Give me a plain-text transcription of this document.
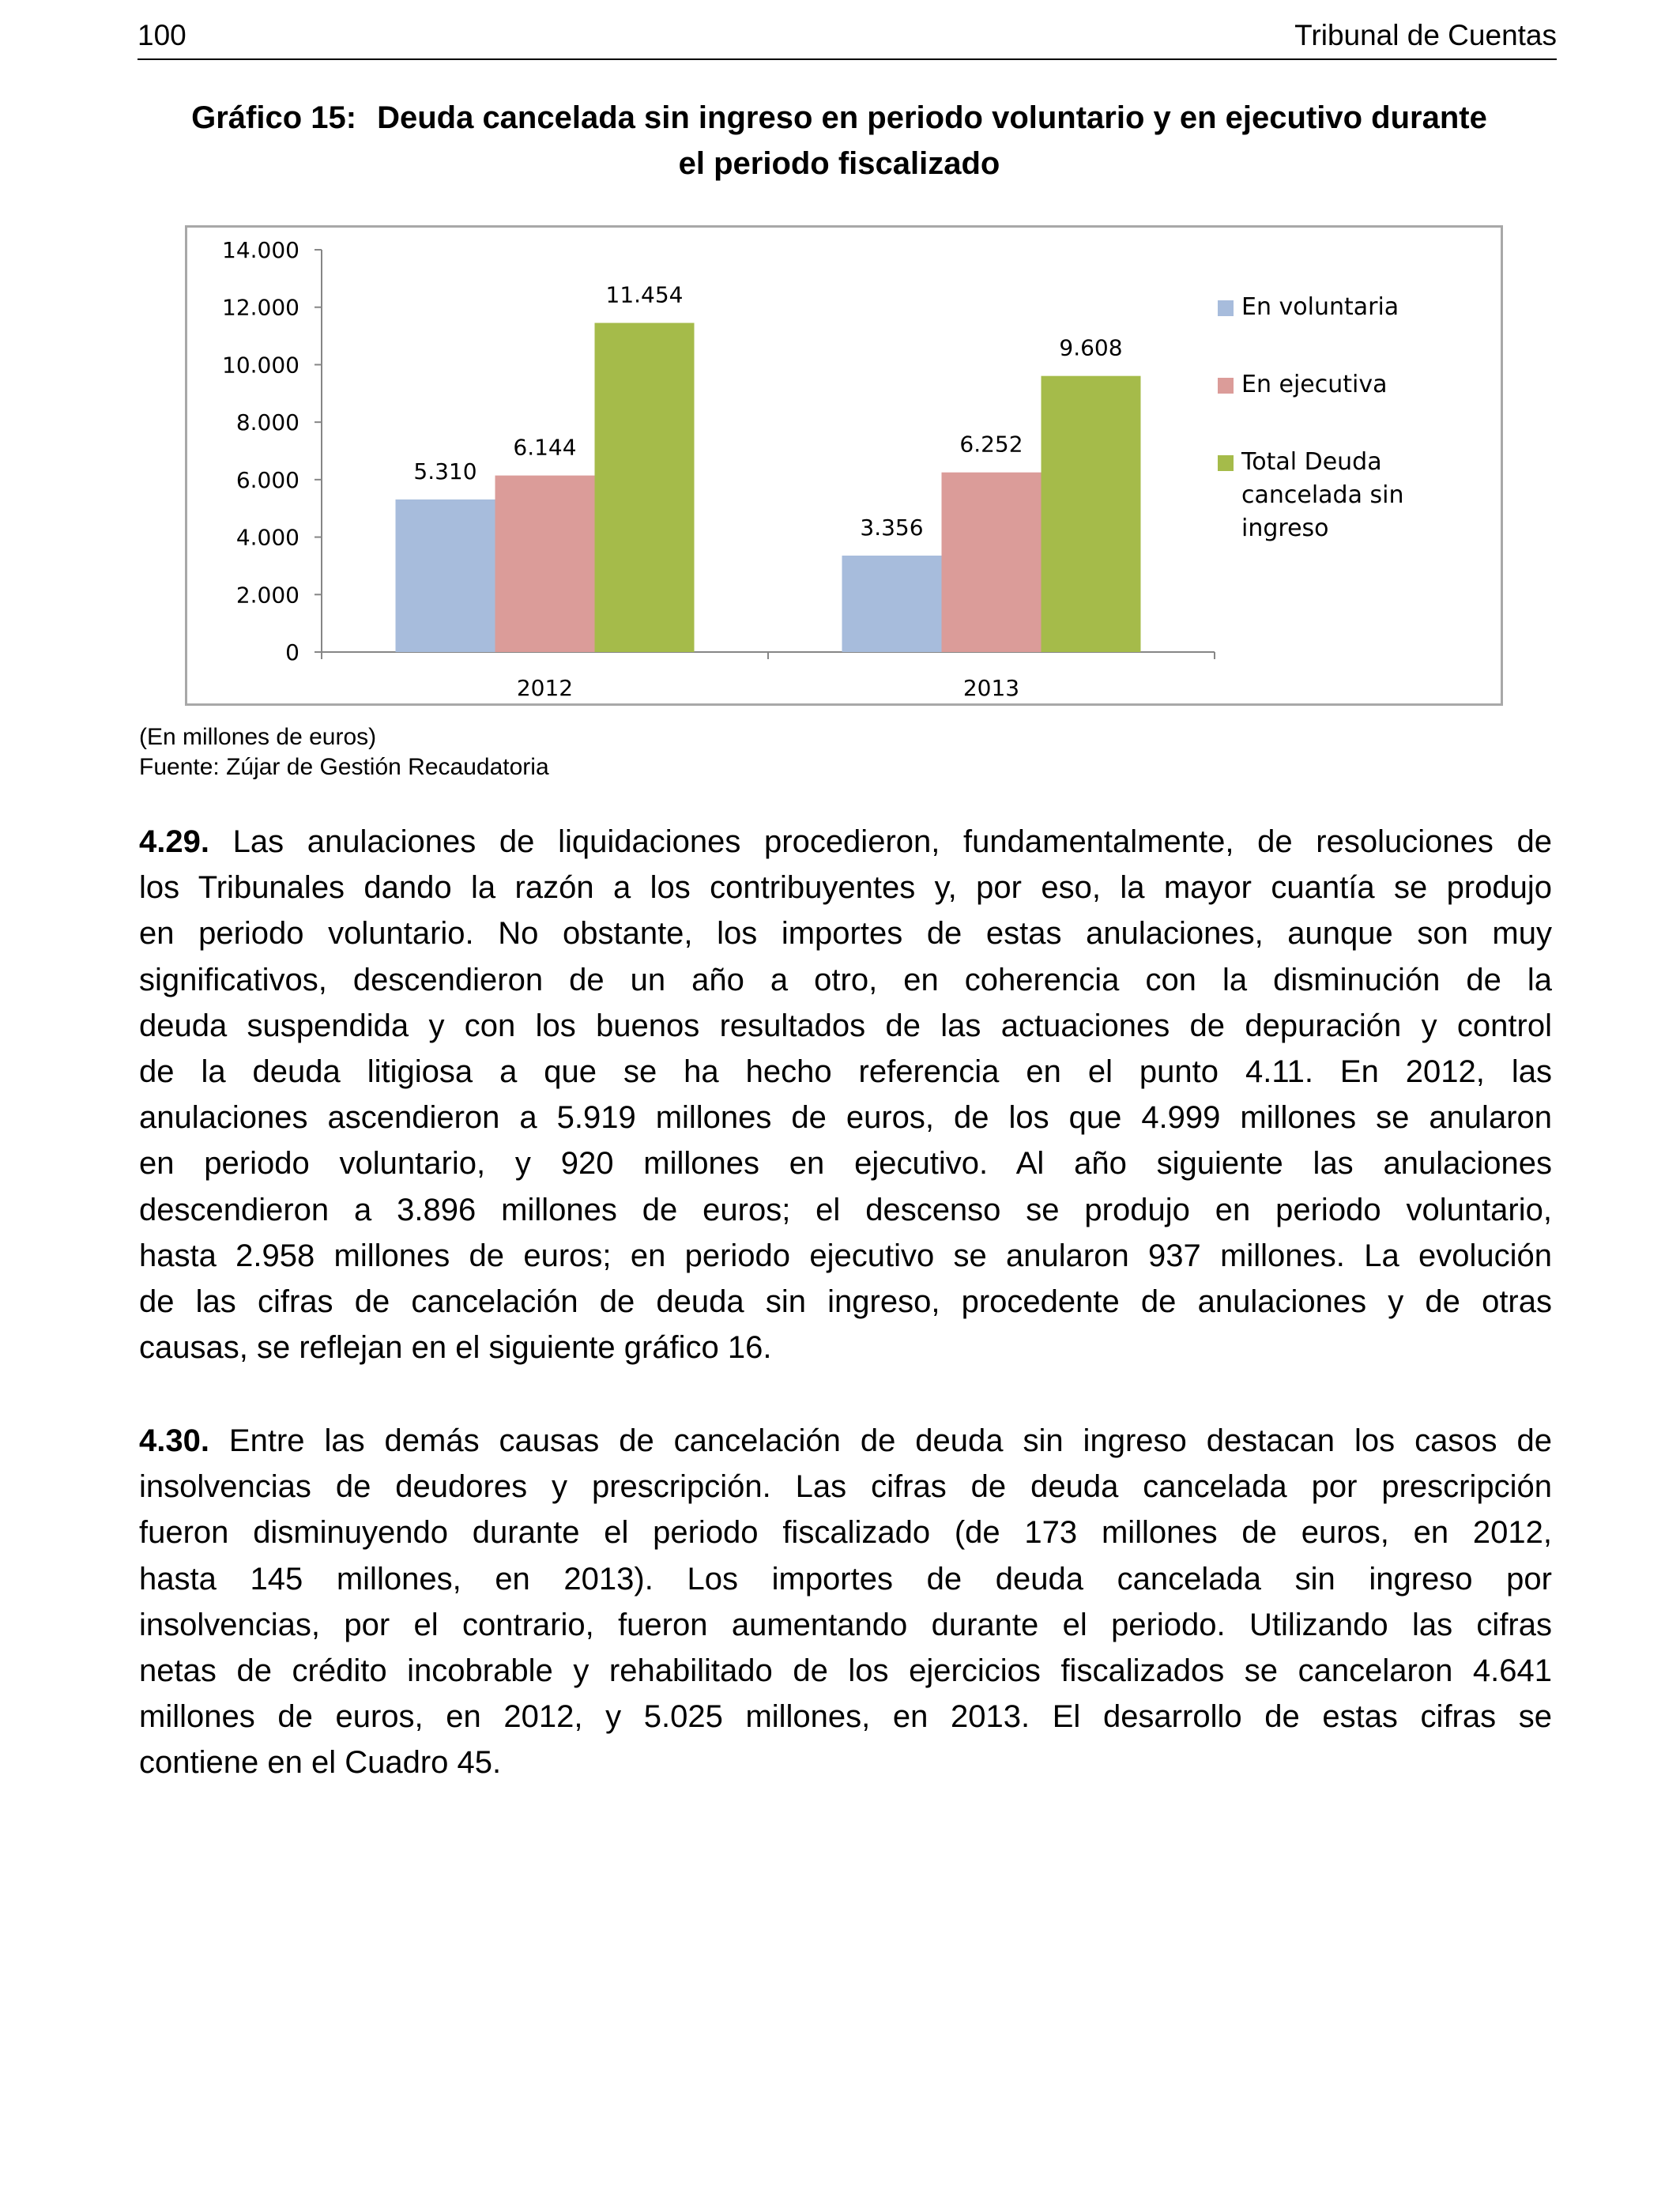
100	Tribunal de Cuentas
Gráfico 15: Deuda cancelada sin ingreso en periodo voluntario y en ejecutivo durante
el periodo fiscalizado
0
2.000
4.000
6.000
8.000
10.000
12.000
14.000
5.310
6.144
11.454
2012
3.356
6.252
9.608
2013
En voluntaria
En ejecutiva
Total Deuda
cancelada sin ingreso
(En millones de euros)
Fuente: Zújar de Gestión Recaudatoria
4.29. Las anulaciones de liquidaciones procedieron, fundamentalmente, de resoluciones de
los Tribunales dando la razón a los contribuyentes y, por eso, la mayor cuantía se produjo
en periodo voluntario. No obstante, los importes de estas anulaciones, aunque son muy
significativos, descendieron de un año a otro, en coherencia con la disminución de la
deuda suspendida y con los buenos resultados de las actuaciones de depuración y control
de la deuda litigiosa a que se ha hecho referencia en el punto 4.11. En 2012, las
anulaciones ascendieron a 5.919 millones de euros, de los que 4.999 millones se anularon
en periodo voluntario, y 920 millones en ejecutivo. Al año siguiente las anulaciones
descendieron a 3.896 millones de euros; el descenso se produjo en periodo voluntario,
hasta 2.958 millones de euros; en periodo ejecutivo se anularon 937 millones. La evolución
de las cifras de cancelación de deuda sin ingreso, procedente de anulaciones y de otras
causas, se reflejan en el siguiente gráfico 16.
4.30. Entre las demás causas de cancelación de deuda sin ingreso destacan los casos de
insolvencias de deudores y prescripción. Las cifras de deuda cancelada por prescripción
fueron disminuyendo durante el periodo fiscalizado (de 173 millones de euros, en 2012,
hasta 145 millones, en 2013). Los importes de deuda cancelada sin ingreso por
insolvencias, por el contrario, fueron aumentando durante el periodo. Utilizando las cifras
netas de crédito incobrable y rehabilitado de los ejercicios fiscalizados se cancelaron 4.641
millones de euros, en 2012, y 5.025 millones, en 2013. El desarrollo de estas cifras se
contiene en el Cuadro 45.
